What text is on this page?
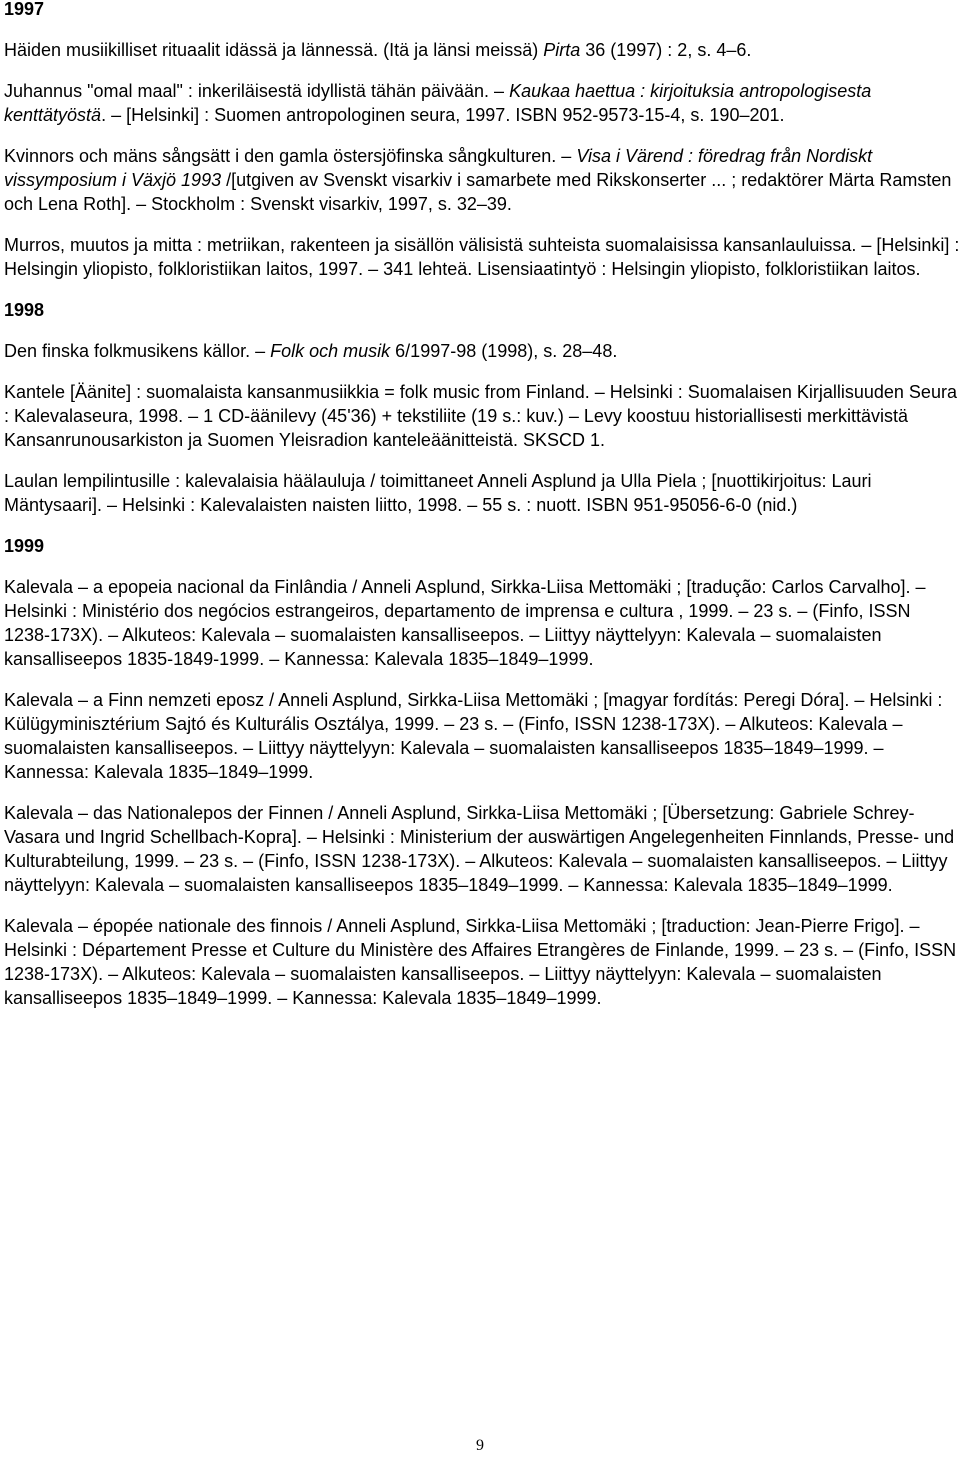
1997

Häiden musiikilliset rituaalit idässä ja lännessä. (Itä ja länsi meissä) Pirta 36 (1997) : 2, s. 4–6.

Juhannus "omal maal" : inkeriläisestä idyllistä tähän päivään. – Kaukaa haettua : kirjoituksia antropologisesta kenttätyöstä. – [Helsinki] : Suomen antropologinen seura, 1997. ISBN 952-9573-15-4, s. 190–201.

Kvinnors och mäns sångsätt i den gamla östersjöfinska sångkulturen. – Visa i Värend : föredrag från Nordiskt vissymposium i Växjö 1993 /[utgiven av Svenskt visarkiv i samarbete med Rikskonserter ... ; redaktörer Märta Ramsten och Lena Roth]. – Stockholm : Svenskt visarkiv, 1997, s. 32–39.

Murros, muutos ja mitta : metriikan, rakenteen ja sisällön välisistä suhteista suomalaisissa kansanlauluissa. – [Helsinki] : Helsingin yliopisto, folkloristiikan laitos, 1997. – 341 lehteä. Lisensiaatintyö : Helsingin yliopisto, folkloristiikan laitos.

1998

Den finska folkmusikens källor. – Folk och musik 6/1997-98 (1998), s. 28–48.

Kantele [Äänite] : suomalaista kansanmusiikkia = folk music from Finland. – Helsinki : Suomalaisen Kirjallisuuden Seura : Kalevalaseura, 1998. – 1 CD-äänilevy (45'36) + tekstiliite (19 s.: kuv.) – Levy koostuu historiallisesti merkittävistä Kansanrunousarkiston ja Suomen Yleisradion kanteleäänitteistä. SKSCD 1.

Laulan lempilintusille : kalevalaisia häälauluja / toimittaneet Anneli Asplund ja Ulla Piela ; [nuottikirjoitus: Lauri Mäntysaari]. – Helsinki : Kalevalaisten naisten liitto, 1998. – 55 s. : nuott. ISBN 951-95056-6-0 (nid.)

1999

Kalevala – a epopeia nacional da Finlândia / Anneli Asplund, Sirkka-Liisa Mettomäki ; [tradução: Carlos Carvalho]. – Helsinki : Ministério dos negócios estrangeiros, departamento de imprensa e cultura , 1999. – 23 s. – (Finfo, ISSN 1238-173X). – Alkuteos: Kalevala – suomalaisten kansalliseepos. – Liittyy näyttelyyn: Kalevala – suomalaisten kansalliseepos 1835-1849-1999. – Kannessa: Kalevala 1835–1849–1999.

Kalevala – a Finn nemzeti eposz / Anneli Asplund, Sirkka-Liisa Mettomäki ; [magyar fordítás: Peregi Dóra]. – Helsinki : Külügyminisztérium Sajtó és Kulturális Osztálya, 1999. – 23 s. – (Finfo, ISSN 1238-173X). – Alkuteos: Kalevala – suomalaisten kansalliseepos. – Liittyy näyttelyyn: Kalevala – suomalaisten kansalliseepos 1835–1849–1999. – Kannessa: Kalevala 1835–1849–1999.

Kalevala – das Nationalepos der Finnen / Anneli Asplund, Sirkka-Liisa Mettomäki ; [Übersetzung: Gabriele Schrey-Vasara und Ingrid Schellbach-Kopra]. – Helsinki : Ministerium der auswärtigen Angelegenheiten Finnlands, Presse- und Kulturabteilung, 1999. – 23 s. – (Finfo, ISSN 1238-173X). – Alkuteos: Kalevala – suomalaisten kansalliseepos. – Liittyy näyttelyyn: Kalevala – suomalaisten kansalliseepos 1835–1849–1999. – Kannessa: Kalevala 1835–1849–1999.

Kalevala – épopée nationale des finnois / Anneli Asplund, Sirkka-Liisa Mettomäki ; [traduction: Jean-Pierre Frigo]. – Helsinki : Département Presse et Culture du Ministère des Affaires Etrangères de Finlande, 1999. – 23 s. – (Finfo, ISSN 1238-173X). – Alkuteos: Kalevala – suomalaisten kansalliseepos. – Liittyy näyttelyyn: Kalevala – suomalaisten kansalliseepos 1835–1849–1999. – Kannessa: Kalevala 1835–1849–1999.

9
